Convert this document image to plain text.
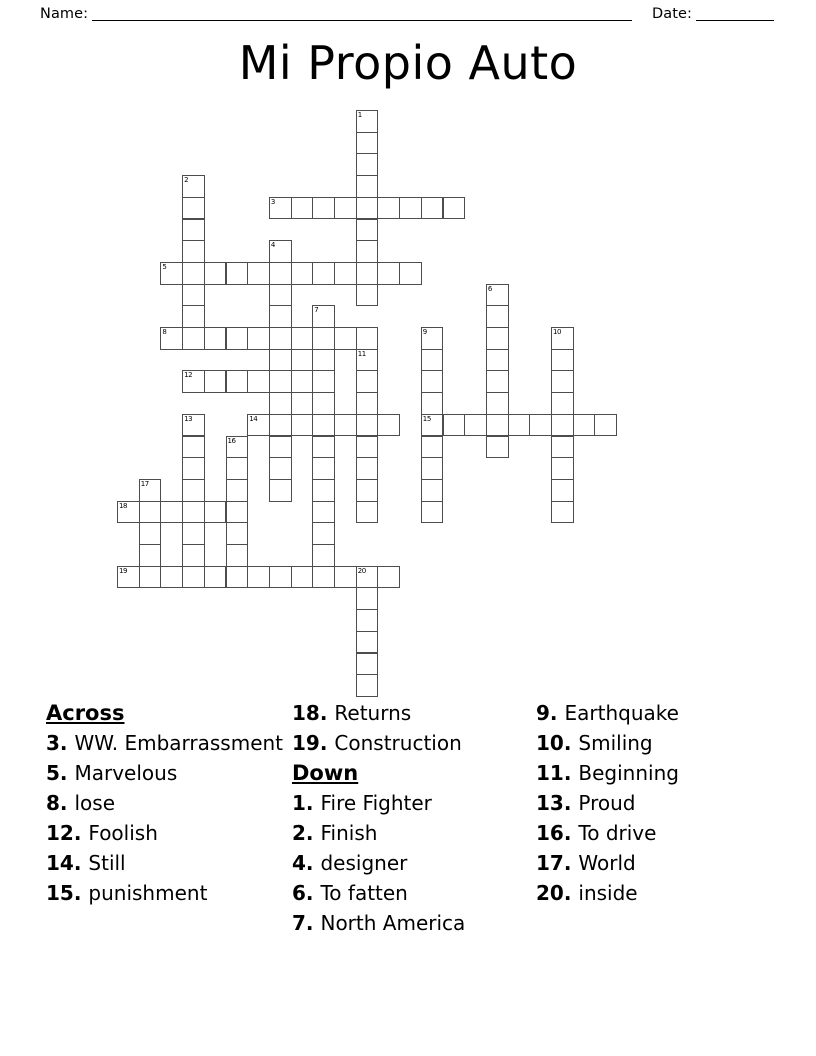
Name:	Date:
Mi Propio Auto
1
2
3
4
5
6
7
8	9
15
10
11
12
13	14
16
17
18
19	20
Across
3. WW. Embarrassment
5. Marvelous
8. lose
12. Foolish
14. Still
15. punishment
18. Returns
19. Construction
Down
1. Fire Fighter
2. Finish
4. designer
6. To fatten
7. North America
9. Earthquake
10. Smiling
11. Beginning
13. Proud
16. To drive
17. World
20. inside
